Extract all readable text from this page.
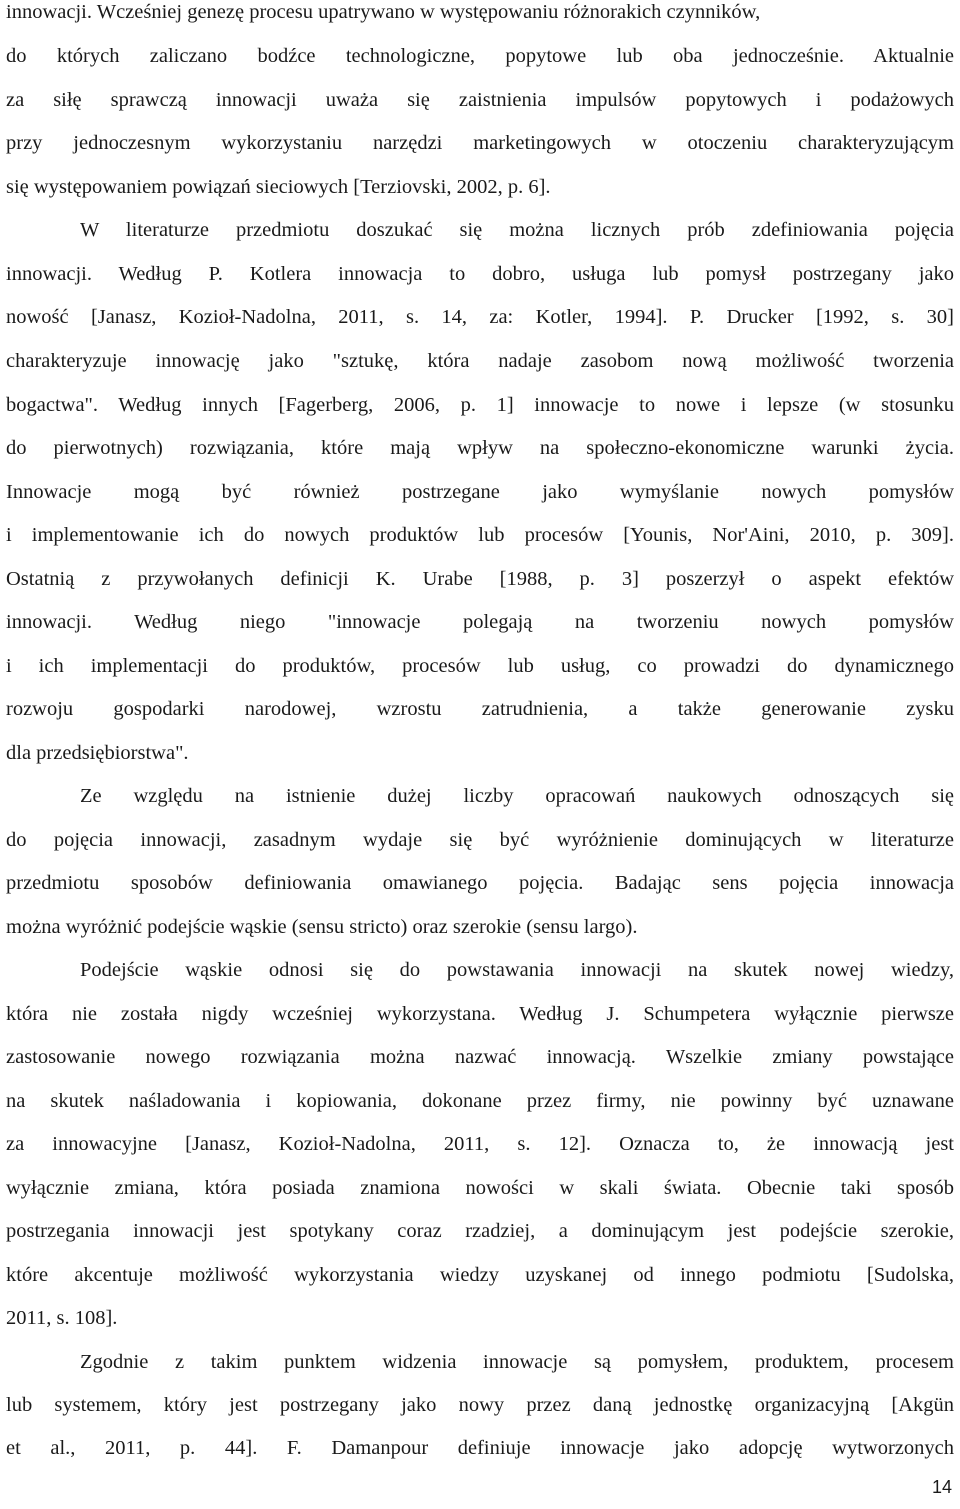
innowacji. Wcześniej genezę procesu upatrywano w występowaniu różnorakich czynników,
do których zaliczano bodźce technologiczne, popytowe lub oba jednocześnie. Aktualnie
za siłę sprawczą innowacji uważa się zaistnienia impulsów popytowych i podażowych
przy jednoczesnym wykorzystaniu narzędzi marketingowych w otoczeniu charakteryzującym
się występowaniem powiązań sieciowych [Terziovski, 2002, p. 6].
W literaturze przedmiotu doszukać się można licznych prób zdefiniowania pojęcia
innowacji. Według P. Kotlera innowacja to dobro, usługa lub pomysł postrzegany jako
nowość [Janasz, Kozioł-Nadolna, 2011, s. 14, za: Kotler, 1994]. P. Drucker [1992, s. 30]
charakteryzuje innowację jako "sztukę, która nadaje zasobom nową możliwość tworzenia
bogactwa". Według innych [Fagerberg, 2006, p. 1] innowacje to nowe i lepsze (w stosunku
do pierwotnych) rozwiązania, które mają wpływ na społeczno-ekonomiczne warunki życia.
Innowacje mogą być również postrzegane jako wymyślanie nowych pomysłów
i implementowanie ich do nowych produktów lub procesów [Younis, Nor'Aini, 2010, p. 309].
Ostatnią z przywołanych definicji K. Urabe [1988, p. 3] poszerzył o aspekt efektów
innowacji. Według niego "innowacje polegają na tworzeniu nowych pomysłów
i ich implementacji do produktów, procesów lub usług, co prowadzi do dynamicznego
rozwoju gospodarki narodowej, wzrostu zatrudnienia, a także generowanie zysku
dla przedsiębiorstwa".
Ze względu na istnienie dużej liczby opracowań naukowych odnoszących się
do pojęcia innowacji, zasadnym wydaje się być wyróżnienie dominujących w literaturze
przedmiotu sposobów definiowania omawianego pojęcia. Badając sens pojęcia innowacja
można wyróżnić podejście wąskie (sensu stricto) oraz szerokie (sensu largo).
Podejście wąskie odnosi się do powstawania innowacji na skutek nowej wiedzy,
która nie została nigdy wcześniej wykorzystana. Według J. Schumpetera wyłącznie pierwsze
zastosowanie nowego rozwiązania można nazwać innowacją. Wszelkie zmiany powstające
na skutek naśladowania i kopiowania, dokonane przez firmy, nie powinny być uznawane
za innowacyjne [Janasz, Kozioł-Nadolna, 2011, s. 12]. Oznacza to, że innowacją jest
wyłącznie zmiana, która posiada znamiona nowości w skali świata. Obecnie taki sposób
postrzegania innowacji jest spotykany coraz rzadziej, a dominującym jest podejście szerokie,
które akcentuje możliwość wykorzystania wiedzy uzyskanej od innego podmiotu [Sudolska,
2011, s. 108].
Zgodnie z takim punktem widzenia innowacje są pomysłem, produktem, procesem
lub systemem, który jest postrzegany jako nowy przez daną jednostkę organizacyjną [Akgün
et al., 2011, p. 44]. F. Damanpour definiuje innowacje jako adopcję wytworzonych
14
